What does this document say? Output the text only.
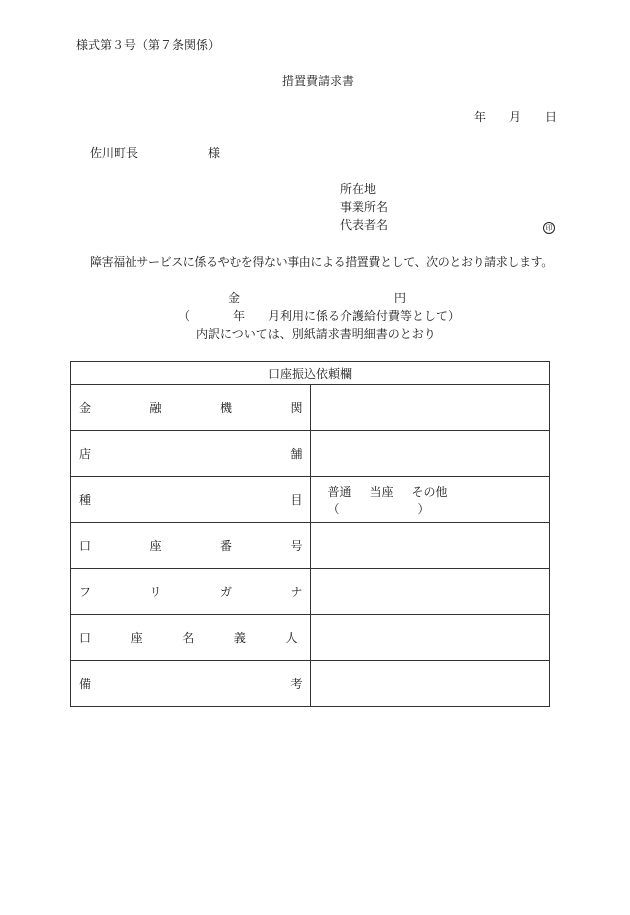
様式第３号（第７条関係）
措置費請求書
年 月 日
佐川町長	様
所在地
事業所名
代表者名	印
障害福祉サービスに係るやむを得ない事由による措置費として、次のとおり請求します。
金	円
（	年 月利用に係る介護給付費等として）
内訳については、別紙請求書明細書のとおり
口座振込依頼欄	

金 融 機 関	

店 舗	

種 目	普通 当座 その他（ ）

口 座 番 号	

フ リ ガ ナ	

口 座 名 義 人	

備 考	
